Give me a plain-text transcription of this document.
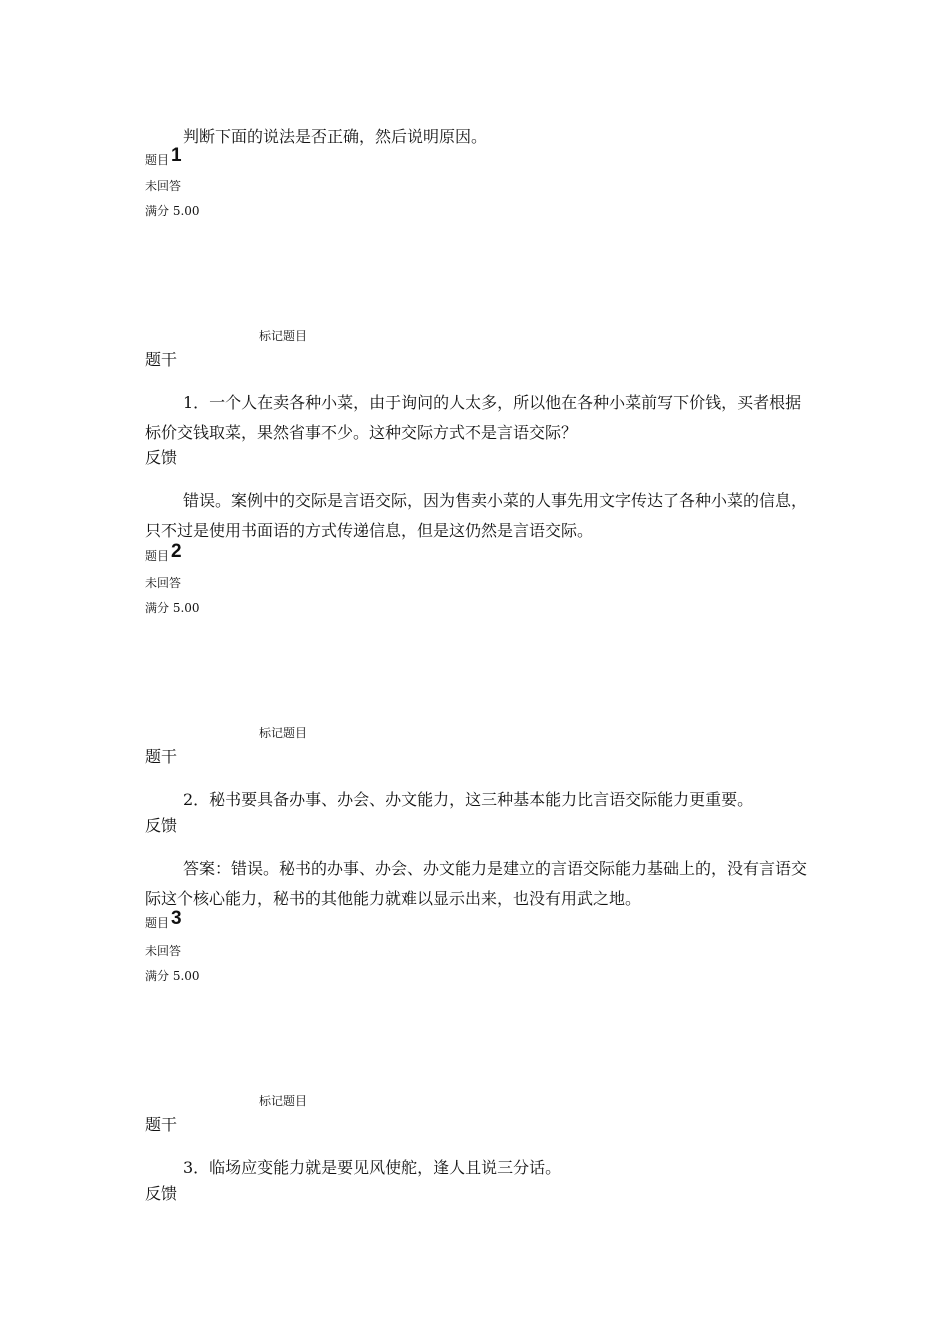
判断下面的说法是否正确，然后说明原因。
题目 1
未回答
满分 5.00
标记题目
题干
1．一个人在卖各种小菜，由于询问的人太多，所以他在各种小菜前写下价钱，买者根据标价交钱取菜，果然省事不少。这种交际方式不是言语交际？
反馈
错误。案例中的交际是言语交际，因为售卖小菜的人事先用文字传达了各种小菜的信息，只不过是使用书面语的方式传递信息，但是这仍然是言语交际。
题目 2
未回答
满分 5.00
标记题目
题干
2．秘书要具备办事、办会、办文能力，这三种基本能力比言语交际能力更重要。
反馈
答案：错误。秘书的办事、办会、办文能力是建立的言语交际能力基础上的，没有言语交际这个核心能力，秘书的其他能力就难以显示出来，也没有用武之地。
题目 3
未回答
满分 5.00
标记题目
题干
3．临场应变能力就是要见风使舵，逢人且说三分话。
反馈
